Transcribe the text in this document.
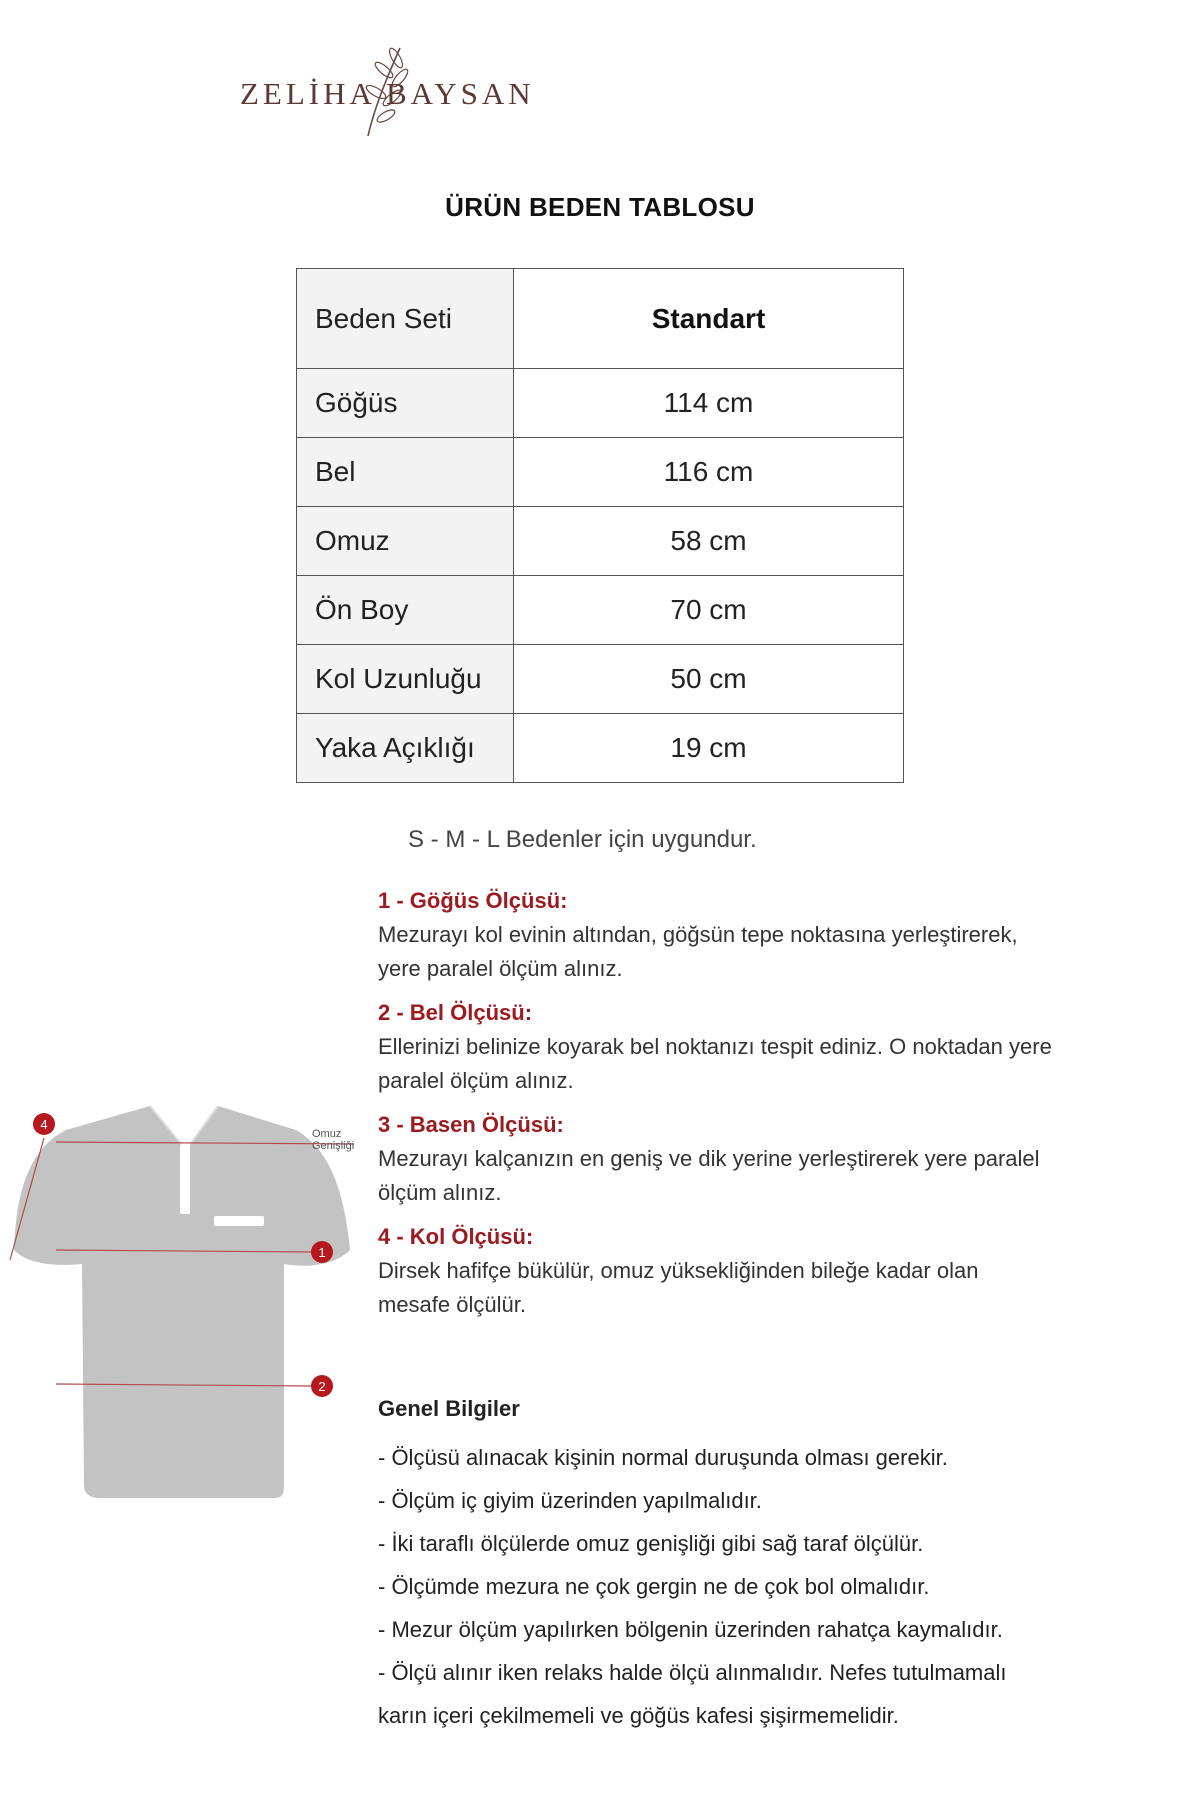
ZELİHA BAYSAN
ÜRÜN BEDEN TABLOSU
Beden Seti	Standart
Göğüs	114 cm
Bel	116 cm
Omuz	58 cm
Ön Boy	70 cm
Kol Uzunluğu	50 cm
Yaka Açıklığı	19 cm
S - M - L Bedenler için uygundur.
1 - Göğüs Ölçüsü:
Mezurayı kol evinin altından, göğsün tepe noktasına yerleştirerek,
yere paralel ölçüm alınız.
2 - Bel Ölçüsü:
Ellerinizi belinize koyarak bel noktanızı tespit ediniz. O noktadan yere
paralel ölçüm alınız.
3 - Basen Ölçüsü:
Mezurayı kalçanızın en geniş ve dik yerine yerleştirerek yere paralel
ölçüm alınız.
4 - Kol Ölçüsü:
Dirsek hafifçe bükülür, omuz yüksekliğinden bileğe kadar olan
mesafe ölçülür.
4
1
2
Omuz
Genişliği
Genel Bilgiler
- Ölçüsü alınacak kişinin normal duruşunda olması gerekir.
- Ölçüm iç giyim üzerinden yapılmalıdır.
- İki taraflı ölçülerde omuz genişliği gibi sağ taraf ölçülür.
- Ölçümde mezura ne çok gergin ne de çok bol olmalıdır.
- Mezur ölçüm yapılırken bölgenin üzerinden rahatça kaymalıdır.
- Ölçü alınır iken relaks halde ölçü alınmalıdır. Nefes tutulmamalı
karın içeri çekilmemeli ve göğüs kafesi şişirmemelidir.
